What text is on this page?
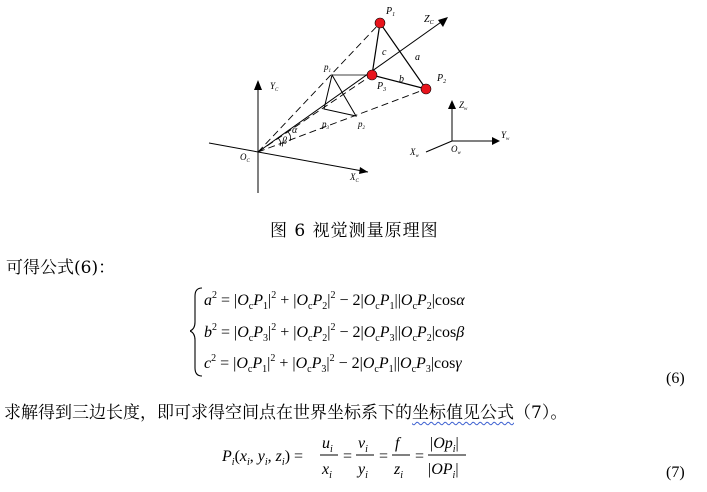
$P_1$	$Z_C$
c	a
b	$P_2$
$P_3$
$p_1$
$p_3$	$p_2$
α
β
$Y_C$
$O_C$
$X_C$
$Z_w$
$Y_w$
$O_w$
$X_w$
图 6 视觉测量原理图
可得公式(6)：
$a^2 = |O_cP_1|^2 + |O_cP_2|^2 - 2|O_cP_1||O_cP_2|\cos\alpha$
$b^2 = |O_cP_3|^2 + |O_cP_2|^2 - 2|O_cP_3||O_cP_2|\cos\beta$
$c^2 = |O_cP_1|^2 + |O_cP_3|^2 - 2|O_cP_1||O_cP_3|\cos\gamma$
(6)
求解得到三边长度，即可求得空间点在世界坐标系下的坐标值见公式（7）。
$P_i(x_i$, $y_i$, $z_i$) =
$u_i$
$x_i$
=
$v_i$
$y_i$
=
f
$z_i$
=
$|Op_i|$
$|OP_i|$	(7)
